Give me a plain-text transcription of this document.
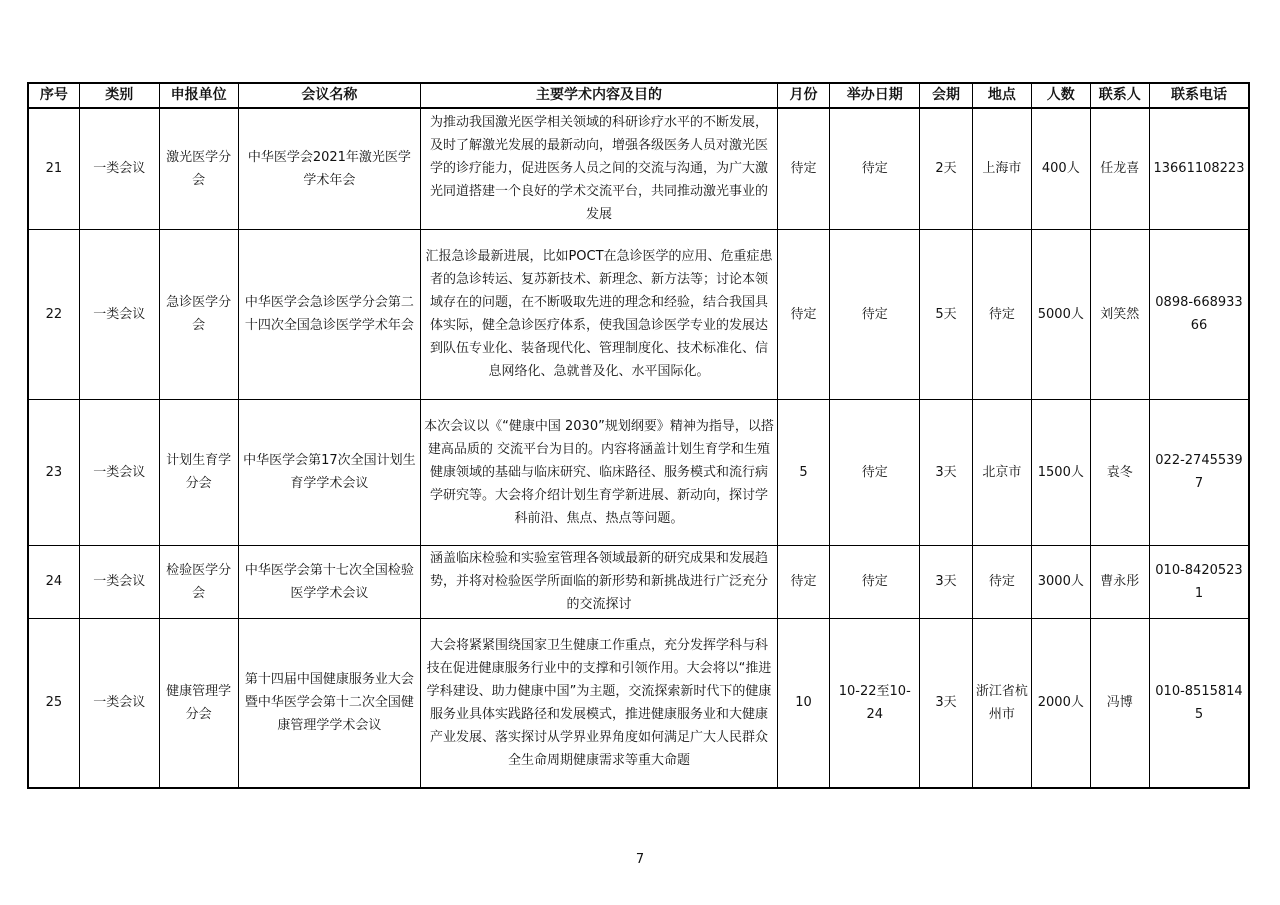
序号	类别	申报单位	会议名称	主要学术内容及目的	月份	举办日期	会期	地点	人数	联系人	联系电话
21	一类会议	激光医学分会	中华医学会2021年激光医学学术年会	为推动我国激光医学相关领域的科研诊疗水平的不断发展，及时了解激光发展的最新动向，增强各级医务人员对激光医学的诊疗能力，促进医务人员之间的交流与沟通，为广大激光同道搭建一个良好的学术交流平台，共同推动激光事业的发展	待定	待定	2天	上海市	400人	任龙喜	13661108223
22	一类会议	急诊医学分会	中华医学会急诊医学分会第二十四次全国急诊医学学术年会	汇报急诊最新进展，比如POCT在急诊医学的应用、危重症患者的急诊转运、复苏新技术、新理念、新方法等；讨论本领域存在的问题，在不断吸取先进的理念和经验，结合我国具体实际，健全急诊医疗体系，使我国急诊医学专业的发展达到队伍专业化、装备现代化、管理制度化、技术标准化、信息网络化、急就普及化、水平国际化。	待定	待定	5天	待定	5000人	刘笑然	0898-66893366
23	一类会议	计划生育学分会	中华医学会第17次全国计划生育学学术会议	本次会议以《“健康中国 2030”规划纲要》精神为指导，以搭建高品质的 交流平台为目的。内容将涵盖计划生育学和生殖健康领域的基础与临床研究、临床路径、服务模式和流行病学研究等。大会将介绍计划生育学新进展、新动向，探讨学科前沿、焦点、热点等问题。	5	待定	3天	北京市	1500人	袁冬	022-27455397
24	一类会议	检验医学分会	中华医学会第十七次全国检验医学学术会议	涵盖临床检验和实验室管理各领域最新的研究成果和发展趋势，并将对检验医学所面临的新形势和新挑战进行广泛充分的交流探讨	待定	待定	3天	待定	3000人	曹永彤	010-84205231
25	一类会议	健康管理学分会	第十四届中国健康服务业大会暨中华医学会第十二次全国健康管理学学术会议	大会将紧紧围绕国家卫生健康工作重点，充分发挥学科与科技在促进健康服务行业中的支撑和引领作用。大会将以“推进学科建设、助力健康中国”为主题，交流探索新时代下的健康服务业具体实践路径和发展模式，推进健康服务业和大健康产业发展、落实探讨从学界业界角度如何满足广大人民群众全生命周期健康需求等重大命题	10	10-22至10-24	3天	浙江省杭州市	2000人	冯博	010-85158145
7
